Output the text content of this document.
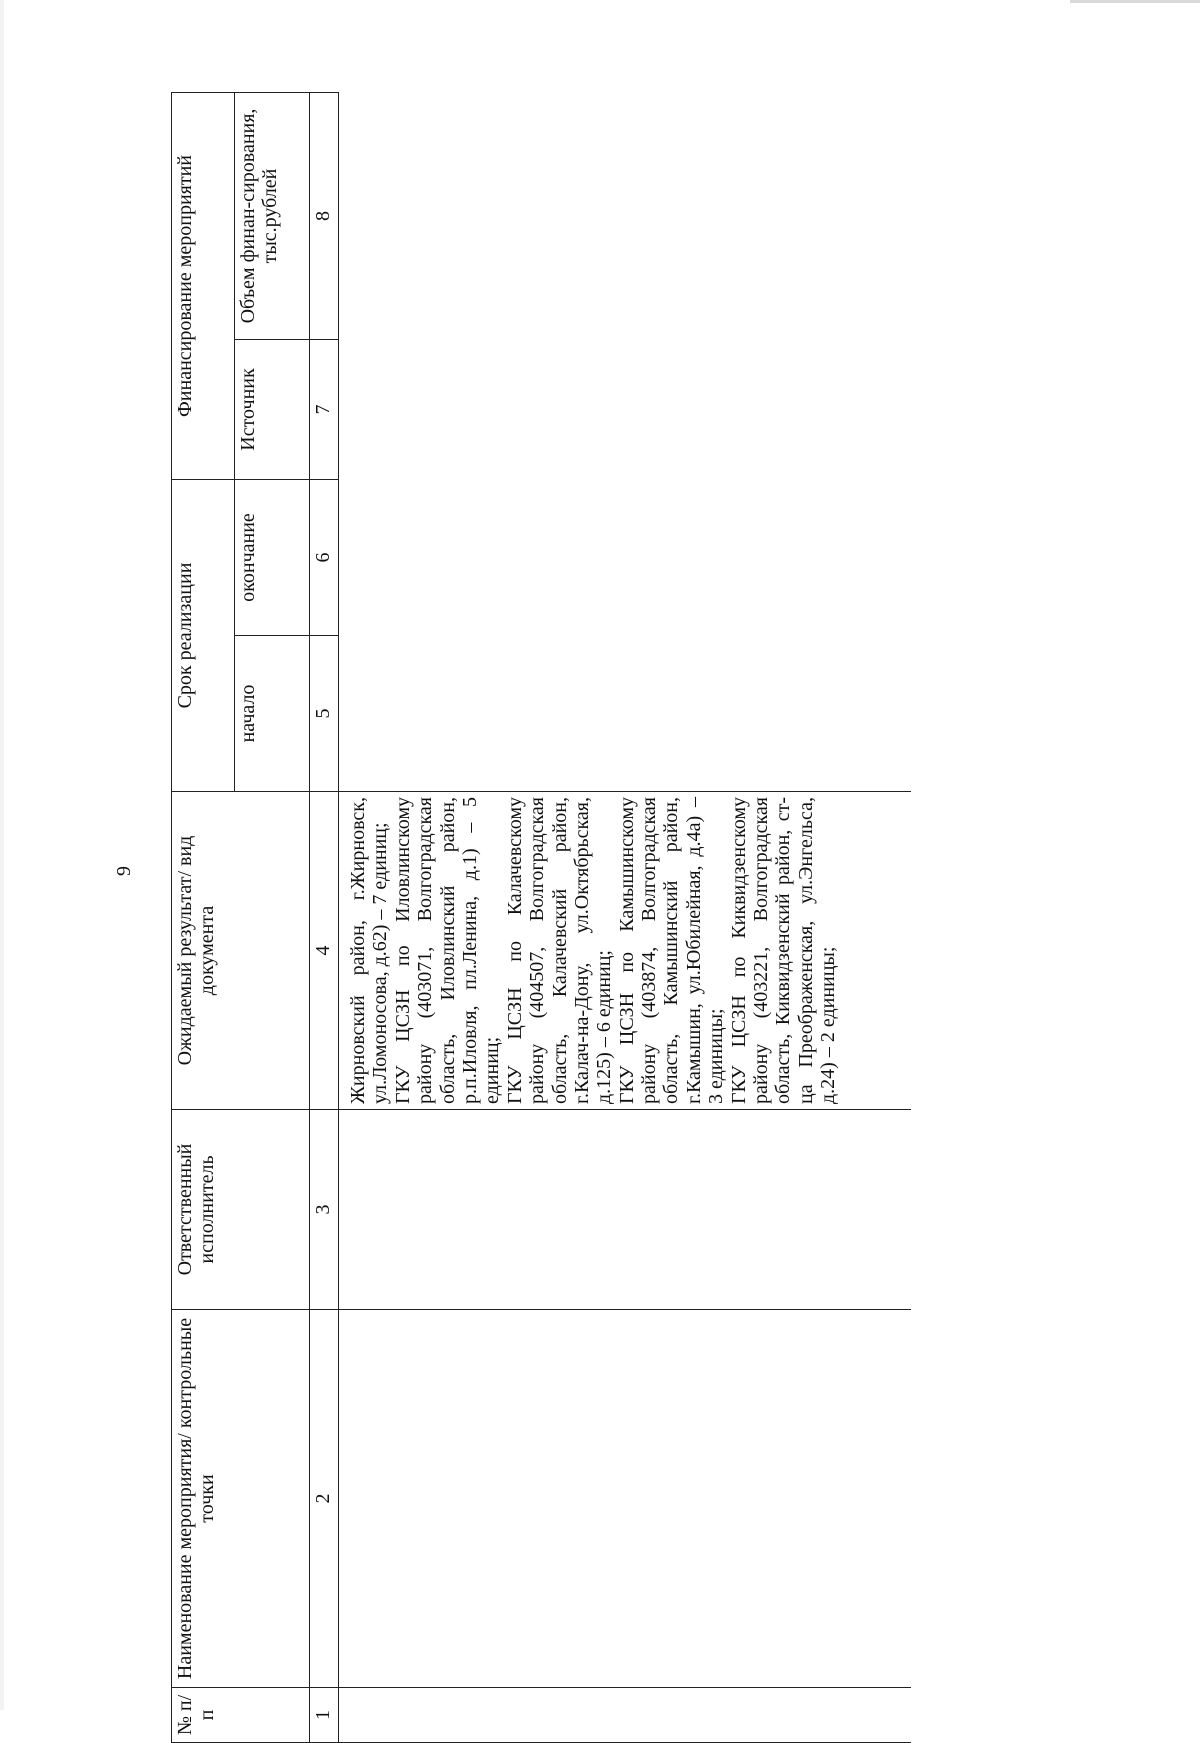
9
№ п/п	Наименование мероприятия/ контрольные точки	Ответственный исполнитель	Ожидаемый результат/ вид документа	Срок реализации		Финансирование мероприятий	
				начало	окончание	Источник	Объем финан-сирования, тыс.рублей
1	2	3	4	5	6	7	8

			Жирновский район, г.Жирновск, ул.Ломоносова, д.62) – 7 единиц; ГКУ ЦСЗН по Иловлинскому району (403071, Волгоградская область, Иловлинский район, р.п.Иловля, пл.Ленина, д.1) – 5 единиц; ГКУ ЦСЗН по Калачевскому району (404507, Волгоградская область, Калачевский район, г.Калач-на-Дону, ул.Октябрьская, д.125) – 6 единиц; ГКУ ЦСЗН по Камышинскому району (403874, Волгоградская область, Камышинский район, г.Камышин, ул.Юбилейная, д.4а) – 3 единицы; ГКУ ЦСЗН по Киквидзенскому району (403221, Волгоградская область, Киквидзенский район, ст-ца Преображенская, ул.Энгельса, д.24) – 2 единицы;				
